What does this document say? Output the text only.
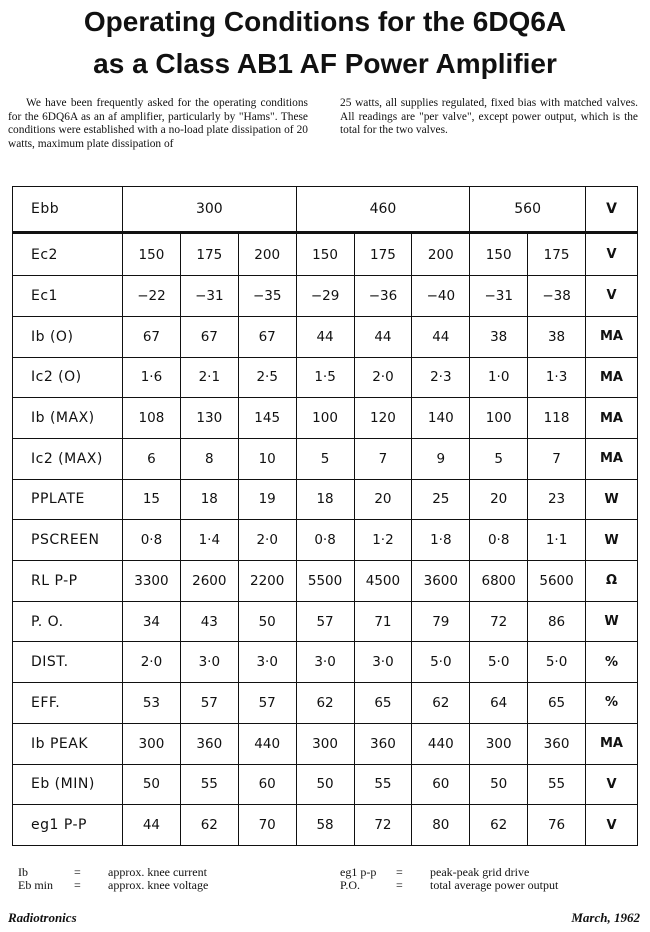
Operating Conditions for the 6DQ6A
as a Class AB1 AF Power Amplifier
We have been frequently asked for the operating conditions for the 6DQ6A as an af amplifier, particularly by "Hams". These conditions were established with a no-load plate dissipation of 20 watts, maximum plate dissipation of
25 watts, all supplies regulated, fixed bias with matched valves. All readings are "per valve", except power output, which is the total for the two valves.
Ebb	300			460			560		V
Ec2	150	175	200	150	175	200	150	175	V
Ec1	−22	−31	−35	−29	−36	−40	−31	−38	V
Ib (O)	67	67	67	44	44	44	38	38	MA
Ic2 (O)	1·6	2·1	2·5	1·5	2·0	2·3	1·0	1·3	MA
Ib (MAX)	108	130	145	100	120	140	100	118	MA
Ic2 (MAX)	6	8	10	5	7	9	5	7	MA
PPLATE	15	18	19	18	20	25	20	23	W
PSCREEN	0·8	1·4	2·0	0·8	1·2	1·8	0·8	1·1	W
RL P-P	3300	2600	2200	5500	4500	3600	6800	5600	Ω
P. O.	34	43	50	57	71	79	72	86	W
DIST.	2·0	3·0	3·0	3·0	3·0	5·0	5·0	5·0	%
EFF.	53	57	57	62	65	62	64	65	%
Ib PEAK	300	360	440	300	360	440	300	360	MA
Eb (MIN)	50	55	60	50	55	60	50	55	V
eg1 P-P	44	62	70	58	72	80	62	76	V
Ib	= approx. knee current
Eb min = approx. knee voltage
eg1 p-p = peak-peak grid drive
P.O.	= total average power output
Radiotronics	March, 1962
